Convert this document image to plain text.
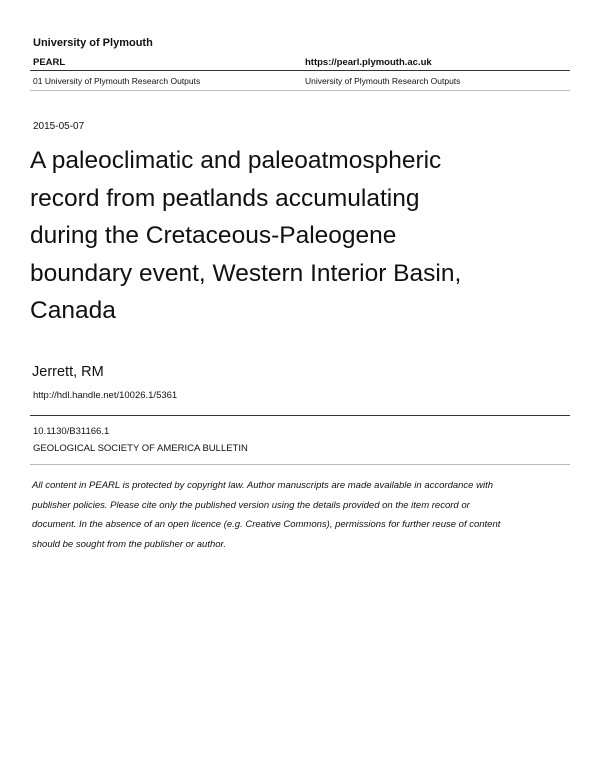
University of Plymouth
PEARL	https://pearl.plymouth.ac.uk
01 University of Plymouth Research Outputs	University of Plymouth Research Outputs
2015-05-07
A paleoclimatic and paleoatmospheric
record from peatlands accumulating
during the Cretaceous-Paleogene
boundary event, Western Interior Basin,
Canada
Jerrett, RM
http://hdl.handle.net/10026.1/5361
10.1130/B31166.1
GEOLOGICAL SOCIETY OF AMERICA BULLETIN
All content in PEARL is protected by copyright law. Author manuscripts are made available in accordance with
publisher policies. Please cite only the published version using the details provided on the item record or
document. In the absence of an open licence (e.g. Creative Commons), permissions for further reuse of content
should be sought from the publisher or author.
